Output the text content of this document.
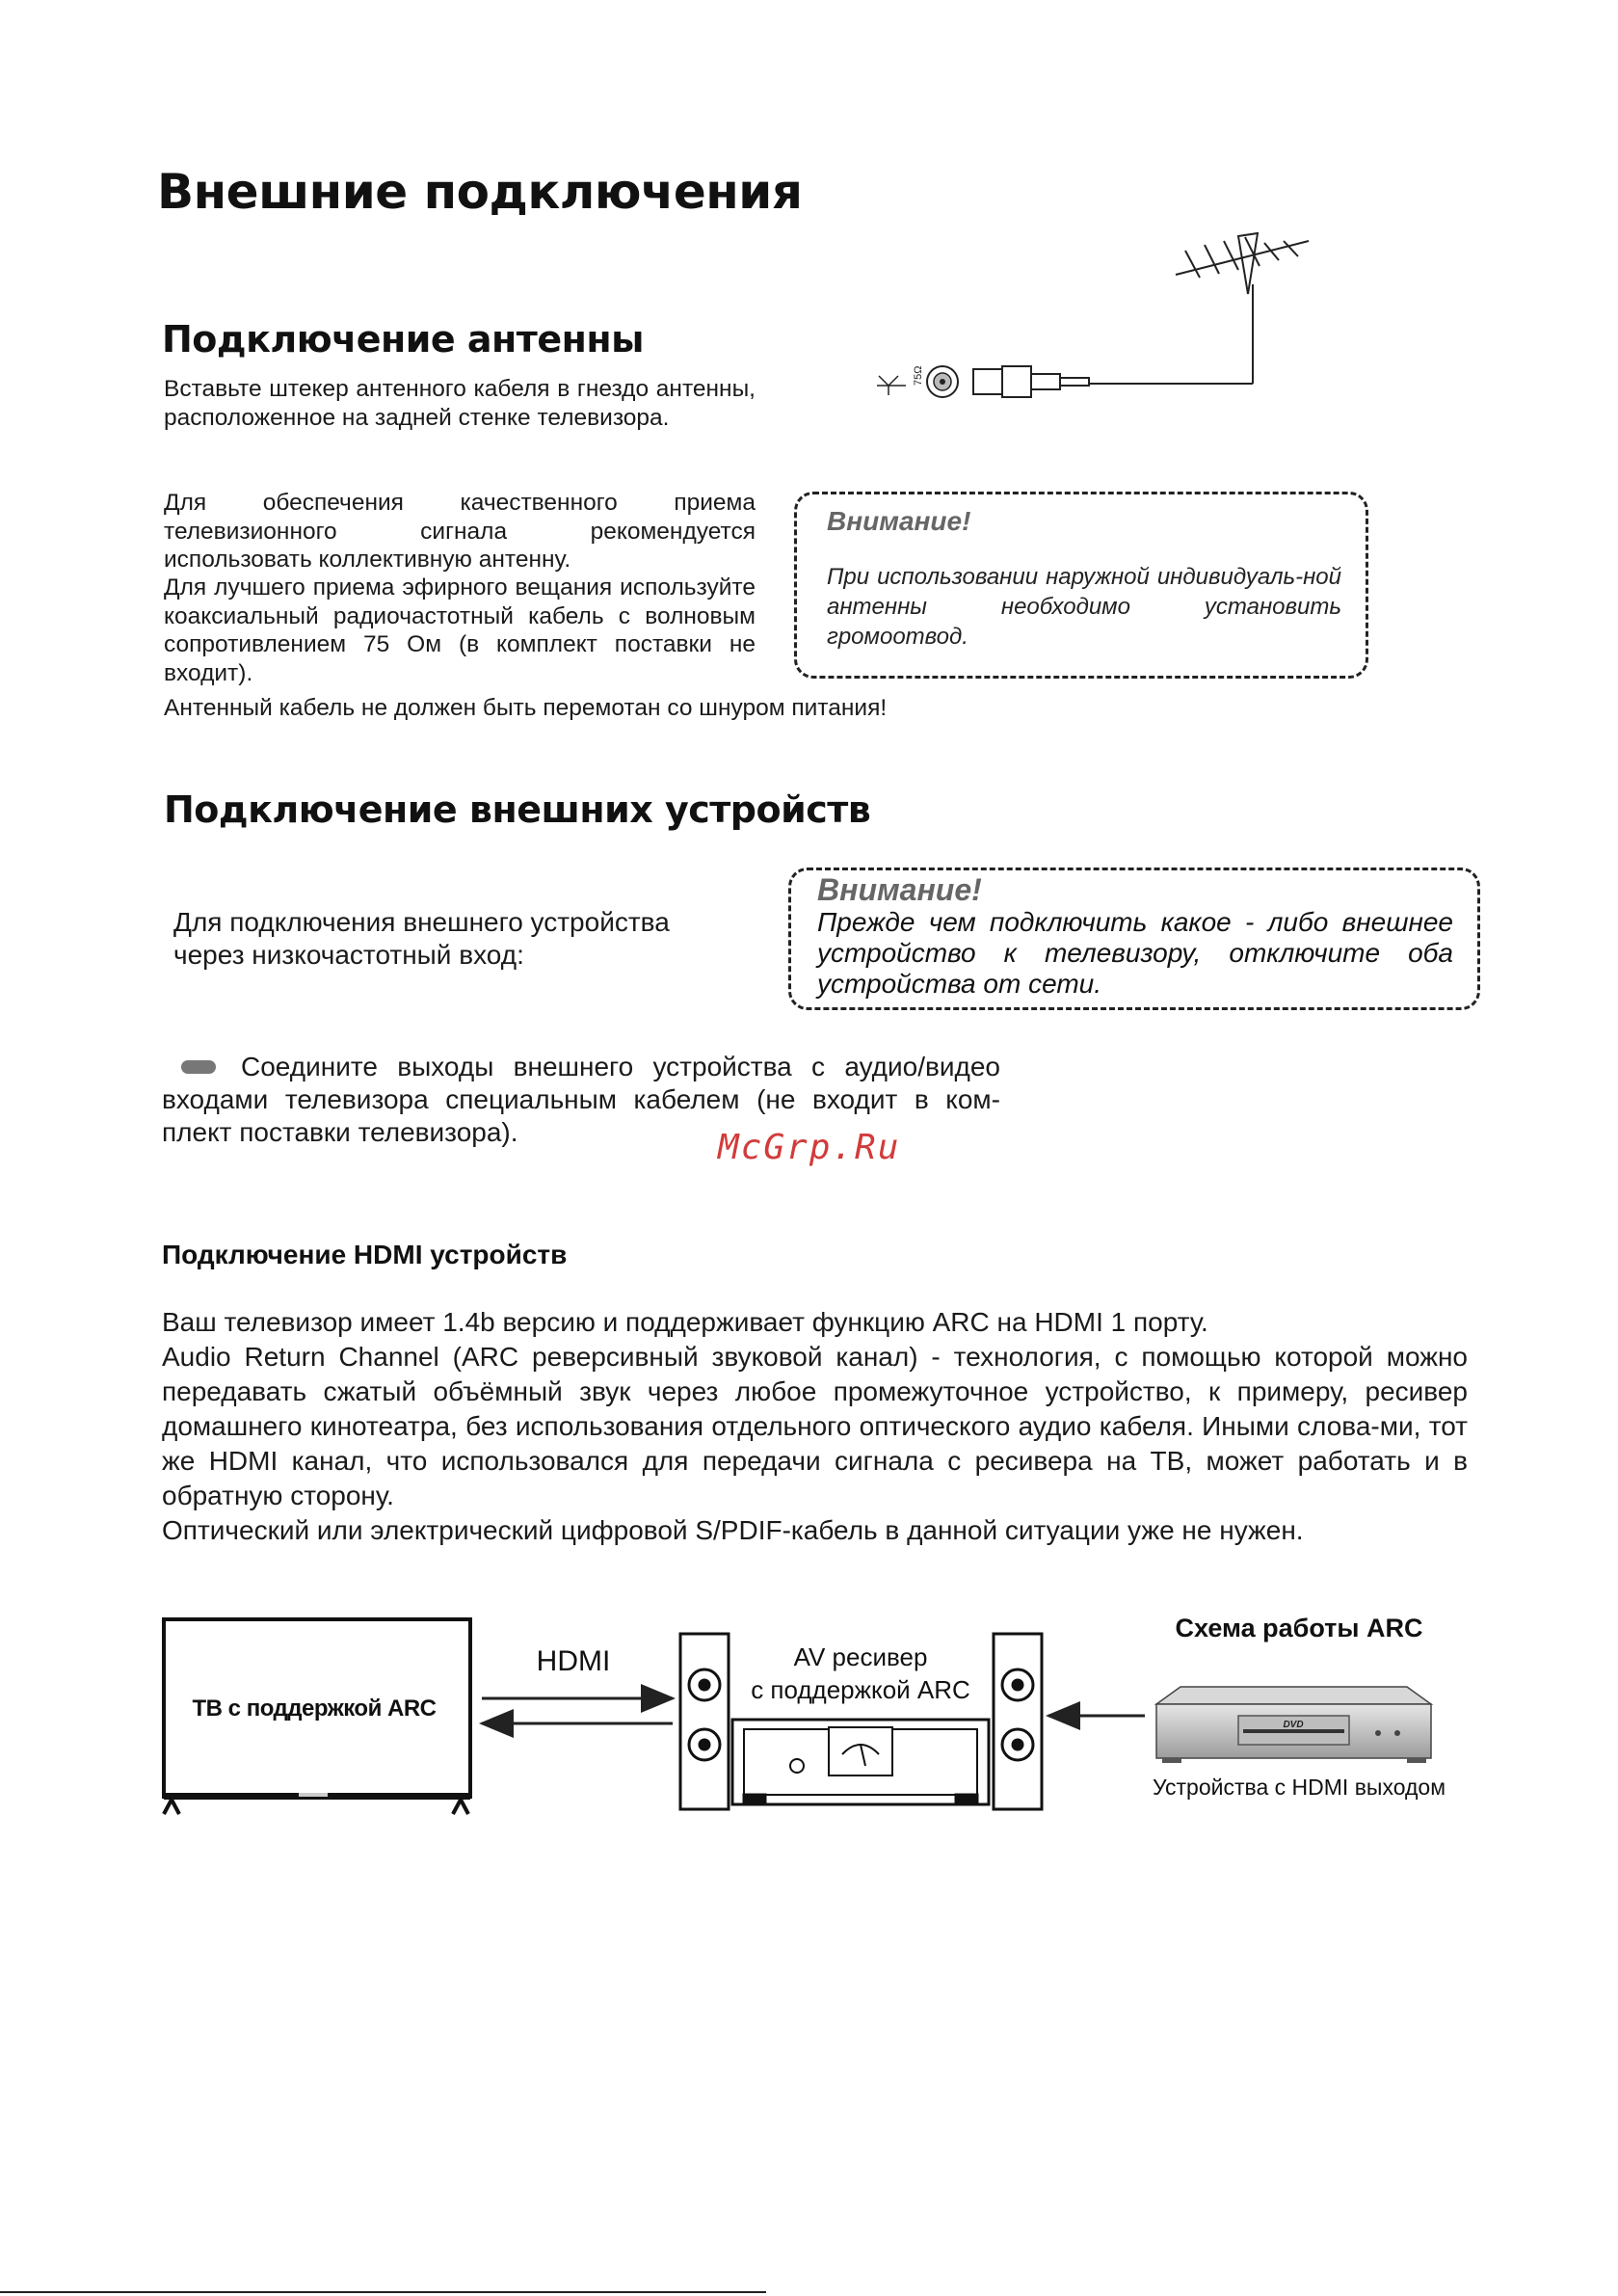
Внешние подключения
Подключение антенны
Вставьте штекер антенного кабеля в гнездо антенны, расположенное на задней стенке телевизора.
Для обеспечения качественного приема телевизионного сигнала рекомендуется использовать коллективную антенну.
Для лучшего приема эфирного вещания используйте коаксиальный радиочастотный кабель с волновым сопротивлением 75 Ом (в комплект поставки не входит).
Антенный кабель не должен быть перемотан со шнуром питания!
75Ω
Внимание!
При использовании наружной индивидуаль-ной антенны необходимо установить громоотвод.
Подключение внешних устройств
Для подключения внешнего устройства через низкочастотный вход:
Внимание!
Прежде чем подключить какое - либо внешнее устройство к телевизору, отключите оба устройства от сети.
Соедините выходы внешнего устройства с аудио/видео входами телевизора специальным кабелем (не входит в ком-плект поставки телевизора).	McGrp.Ru
Подключение HDMI устройств
Ваш телевизор имеет 1.4b версию и поддерживает функцию ARC на HDMI 1 порту.
Audio Return Channel (ARC реверсивный звуковой канал) - технология, с помощью которой можно передавать сжатый объёмный звук через любое промежуточное устройство, к примеру, ресивер домашнего кинотеатра, без использования отдельного оптического аудио кабеля. Иными слова-ми, тот же HDMI канал, что использовался для передачи сигнала с ресивера на ТВ, может работать и в обратную сторону.
Оптический или электрический цифровой S/PDIF-кабель в данной ситуации уже не нужен.
ТВ с поддержкой ARC
HDMI	AV ресивер
с поддержкой ARC
Схема работы ARC
DVD
Устройства с HDMI выходом
